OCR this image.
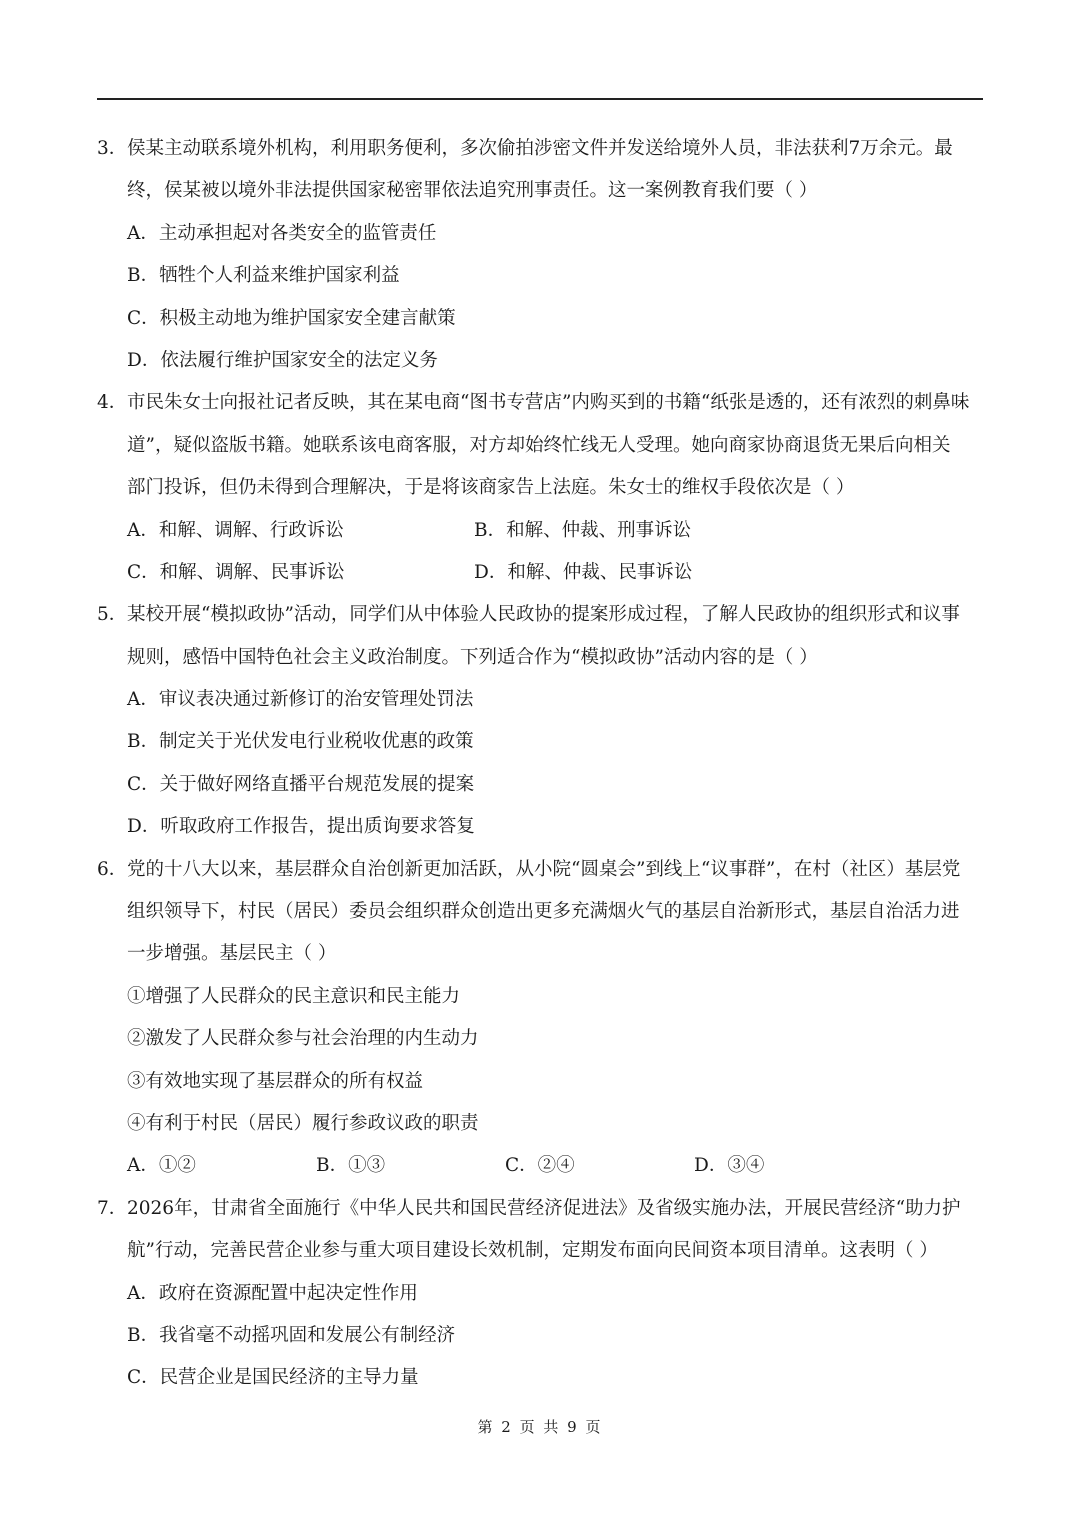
3． 侯某主动联系境外机构，利用职务便利，多次偷拍涉密文件并发送给境外人员，非法获利7万余元。最
终，侯某被以境外非法提供国家秘密罪依法追究刑事责任。这一案例教育我们要（ ）
A．主动承担起对各类安全的监管责任
B．牺牲个人利益来维护国家利益
C．积极主动地为维护国家安全建言献策
D．依法履行维护国家安全的法定义务
4． 市民朱女士向报社记者反映，其在某电商“图书专营店”内购买到的书籍“纸张是透的，还有浓烈的刺鼻味
道”，疑似盗版书籍。她联系该电商客服，对方却始终忙线无人受理。她向商家协商退货无果后向相关
部门投诉，但仍未得到合理解决，于是将该商家告上法庭。朱女士的维权手段依次是（ ）
A．和解、调解、行政诉讼	B．和解、仲裁、刑事诉讼
C．和解、调解、民事诉讼	D．和解、仲裁、民事诉讼
5． 某校开展“模拟政协”活动，同学们从中体验人民政协的提案形成过程，了解人民政协的组织形式和议事
规则，感悟中国特色社会主义政治制度。下列适合作为“模拟政协”活动内容的是（ ）
A．审议表决通过新修订的治安管理处罚法
B．制定关于光伏发电行业税收优惠的政策
C．关于做好网络直播平台规范发展的提案
D．听取政府工作报告，提出质询要求答复
6． 党的十八大以来，基层群众自治创新更加活跃，从小院“圆桌会”到线上“议事群”，在村（社区）基层党
组织领导下，村民（居民）委员会组织群众创造出更多充满烟火气的基层自治新形式，基层自治活力进
一步增强。基层民主（ ）
①增强了人民群众的民主意识和民主能力
②激发了人民群众参与社会治理的内生动力
③有效地实现了基层群众的所有权益
④有利于村民（居民）履行参政议政的职责
A．①②	B．①③	C．②④	D．③④
7． 2026年，甘肃省全面施行《中华人民共和国民营经济促进法》及省级实施办法，开展民营经济“助力护
航”行动，完善民营企业参与重大项目建设长效机制，定期发布面向民间资本项目清单。这表明（ ）
A．政府在资源配置中起决定性作用
B．我省毫不动摇巩固和发展公有制经济
C．民营企业是国民经济的主导力量
第 2 页 共 9 页
